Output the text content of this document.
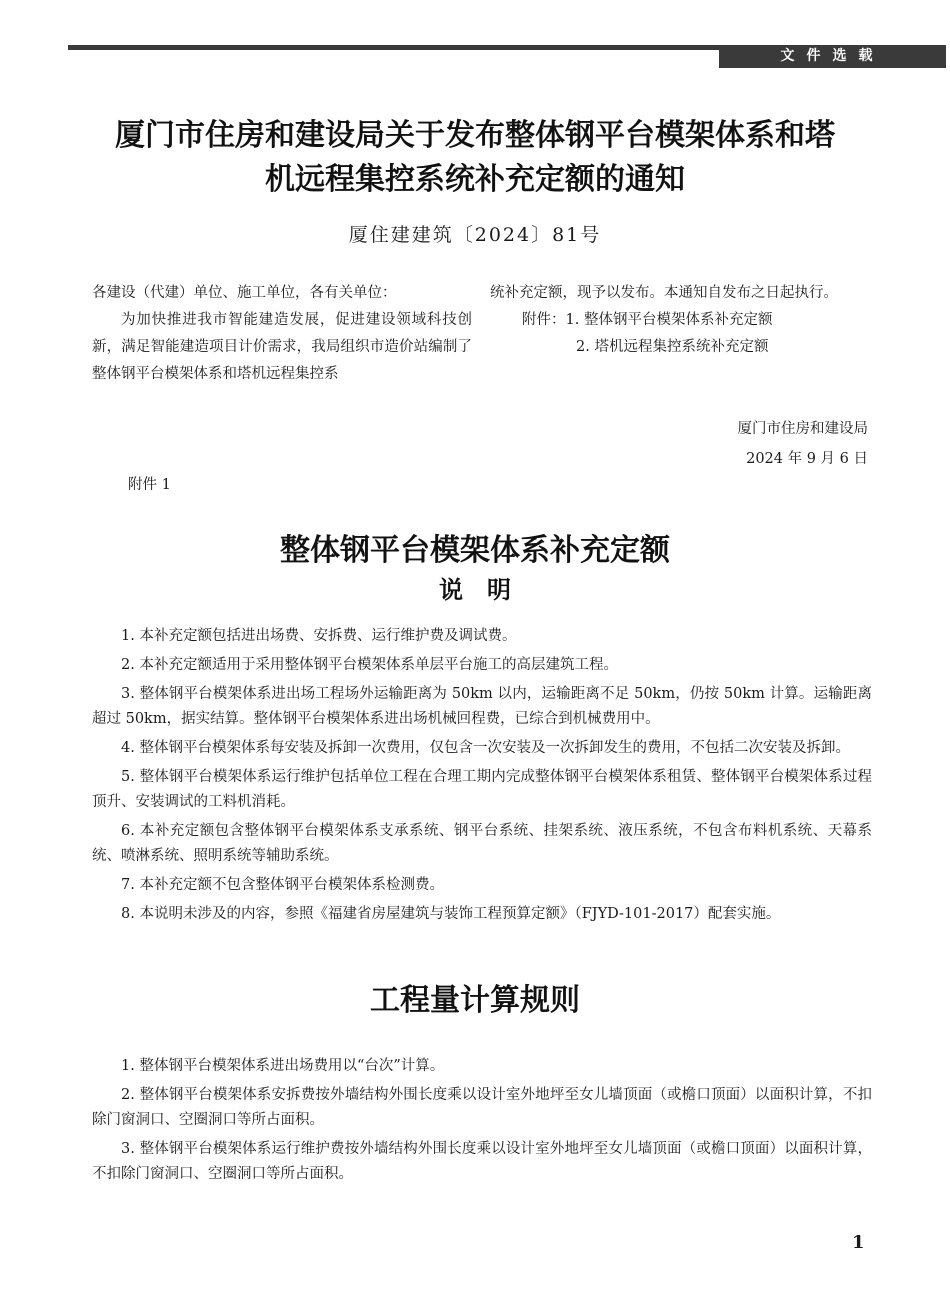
文件选载
厦门市住房和建设局关于发布整体钢平台模架体系和塔
机远程集控系统补充定额的通知
厦住建建筑〔2024〕81号

各建设（代建）单位、施工单位，各有关单位：

为加快推进我市智能建造发展，促进建设领域科技创新，满足智能建造项目计价需求，我局组织市造价站编制了整体钢平台模架体系和塔机远程集控系

统补充定额，现予以发布。本通知自发布之日起执行。

附件：1. 整体钢平台模架体系补充定额

2. 塔机远程集控系统补充定额

厦门市住房和建设局
2024 年 9 月 6 日
附件 1
整体钢平台模架体系补充定额
说　明

1. 本补充定额包括进出场费、安拆费、运行维护费及调试费。

2. 本补充定额适用于采用整体钢平台模架体系单层平台施工的高层建筑工程。

3. 整体钢平台模架体系进出场工程场外运输距离为 50km 以内，运输距离不足 50km，仍按 50km 计算。运输距离超过 50km，据实结算。整体钢平台模架体系进出场机械回程费，已综合到机械费用中。

4. 整体钢平台模架体系每安装及拆卸一次费用，仅包含一次安装及一次拆卸发生的费用，不包括二次安装及拆卸。

5. 整体钢平台模架体系运行维护包括单位工程在合理工期内完成整体钢平台模架体系租赁、整体钢平台模架体系过程顶升、安装调试的工料机消耗。

6. 本补充定额包含整体钢平台模架体系支承系统、钢平台系统、挂架系统、液压系统，不包含布料机系统、天幕系统、喷淋系统、照明系统等辅助系统。

7. 本补充定额不包含整体钢平台模架体系检测费。

8. 本说明未涉及的内容，参照《福建省房屋建筑与装饰工程预算定额》（FJYD-101-2017）配套实施。

工程量计算规则

1. 整体钢平台模架体系进出场费用以“台次”计算。

2. 整体钢平台模架体系安拆费按外墙结构外围长度乘以设计室外地坪至女儿墙顶面（或檐口顶面）以面积计算，不扣除门窗洞口、空圈洞口等所占面积。

3. 整体钢平台模架体系运行维护费按外墙结构外围长度乘以设计室外地坪至女儿墙顶面（或檐口顶面）以面积计算，不扣除门窗洞口、空圈洞口等所占面积。

1
